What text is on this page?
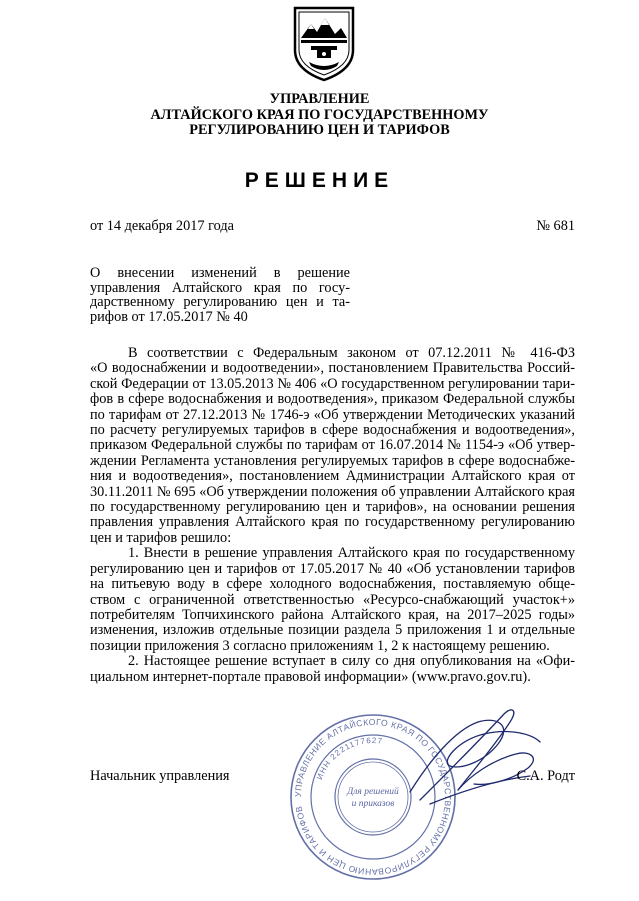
УПРАВЛЕНИЕ
АЛТАЙСКОГО КРАЯ ПО ГОСУДАРСТВЕННОМУ
РЕГУЛИРОВАНИЮ ЦЕН И ТАРИФОВ
РЕШЕНИЕ
от 14 декабря 2017 года	№ 681
О внесении изменений в решение
управления Алтайского края по госу-
дарственному регулированию цен и та-
рифов от 17.05.2017 № 40
В соответствии с Федеральным законом от 07.12.2011 № 416-ФЗ
«О водоснабжении и водоотведении», постановлением Правительства Россий-
ской Федерации от 13.05.2013 № 406 «О государственном регулировании тари-
фов в сфере водоснабжения и водоотведения», приказом Федеральной службы
по тарифам от 27.12.2013 № 1746-э «Об утверждении Методических указаний
по расчету регулируемых тарифов в сфере водоснабжения и водоотведения»,
приказом Федеральной службы по тарифам от 16.07.2014 № 1154-э «Об утвер-
ждении Регламента установления регулируемых тарифов в сфере водоснабже-
ния и водоотведения», постановлением Администрации Алтайского края от
30.11.2011 № 695 «Об утверждении положения об управлении Алтайского края
по государственному регулированию цен и тарифов», на основании решения
правления управления Алтайского края по государственному регулированию
цен и тарифов решило:
1. Внести в решение управления Алтайского края по государственному
регулированию цен и тарифов от 17.05.2017 № 40 «Об установлении тарифов
на питьевую воду в сфере холодного водоснабжения, поставляемую обще-
ством с ограниченной ответственностью «Ресурсо-снабжающий участок+»
потребителям Топчихинского района Алтайского края, на 2017–2025 годы»
изменения, изложив отдельные позиции раздела 5 приложения 1 и отдельные
позиции приложения 3 согласно приложениям 1, 2 к настоящему решению.
2. Настоящее решение вступает в силу со дня опубликования на «Офи-
циальном интернет-портале правовой информации» (www.pravo.gov.ru).
УПРАВЛЕНИЕ АЛТАЙСКОГО КРАЯ ПО ГОСУДАРСТВЕННОМУ РЕГУЛИРОВАНИЮ ЦЕН И ТАРИФОВ
ИНН 2221177627
Для решений
и приказов
Начальник управления	С.А. Родт
